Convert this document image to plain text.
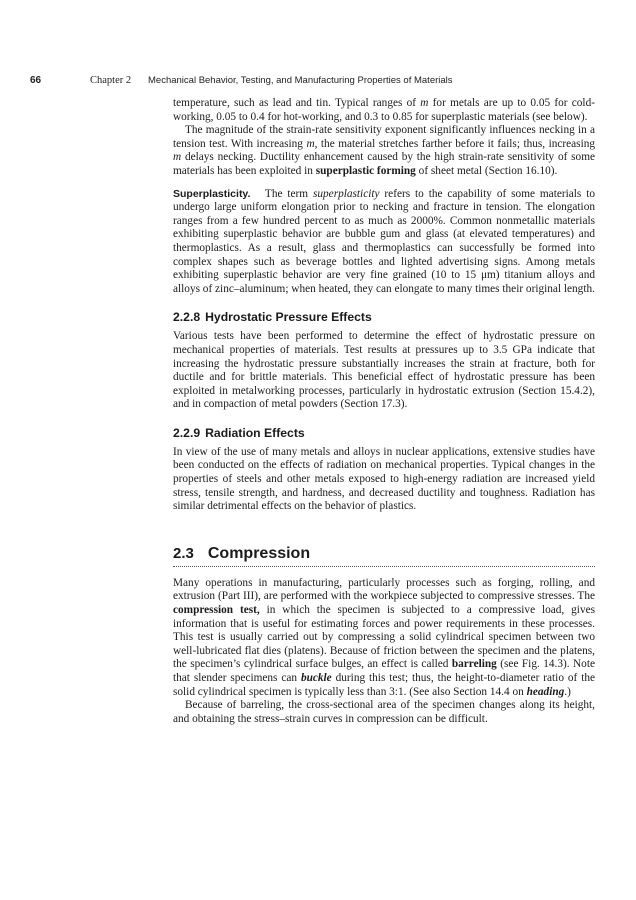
66	Chapter 2 Mechanical Behavior, Testing, and Manufacturing Properties of Materials

temperature, such as lead and tin. Typical ranges of m for metals are up to 0.05 for cold-working, 0.05 to 0.4 for hot-working, and 0.3 to 0.85 for superplastic materials (see below).

The magnitude of the strain-rate sensitivity exponent significantly influences necking in a tension test. With increasing m, the material stretches farther before it fails; thus, increasing m delays necking. Ductility enhancement caused by the high strain-rate sensitivity of some materials has been exploited in superplastic forming of sheet metal (Section 16.10).

Superplasticity. The term superplasticity refers to the capability of some materials to undergo large uniform elongation prior to necking and fracture in tension. The elongation ranges from a few hundred percent to as much as 2000%. Common nonmetallic materials exhibiting superplastic behavior are bubble gum and glass (at elevated temperatures) and thermoplastics. As a result, glass and thermoplastics can successfully be formed into complex shapes such as beverage bottles and lighted advertising signs. Among metals exhibiting superplastic behavior are very fine grained (10 to 15 μm) titanium alloys and alloys of zinc–aluminum; when heated, they can elongate to many times their original length.

2.2.8 Hydrostatic Pressure Effects

Various tests have been performed to determine the effect of hydrostatic pressure on mechanical properties of materials. Test results at pressures up to 3.5 GPa indicate that increasing the hydrostatic pressure substantially increases the strain at fracture, both for ductile and for brittle materials. This beneficial effect of hydrostatic pressure has been exploited in metalworking processes, particularly in hydrostatic extrusion (Section 15.4.2), and in compaction of metal powders (Section 17.3).

2.2.9 Radiation Effects

In view of the use of many metals and alloys in nuclear applications, extensive studies have been conducted on the effects of radiation on mechanical properties. Typical changes in the properties of steels and other metals exposed to high-energy radiation are increased yield stress, tensile strength, and hardness, and decreased ductility and toughness. Radiation has similar detrimental effects on the behavior of plastics.

2.3 Compression

Many operations in manufacturing, particularly processes such as forging, rolling, and extrusion (Part III), are performed with the workpiece subjected to compressive stresses. The compression test, in which the specimen is subjected to a compressive load, gives information that is useful for estimating forces and power requirements in these processes. This test is usually carried out by compressing a solid cylindrical specimen between two well-lubricated flat dies (platens). Because of friction between the specimen and the platens, the specimen’s cylindrical surface bulges, an effect is called barreling (see Fig. 14.3). Note that slender specimens can buckle during this test; thus, the height-to-diameter ratio of the solid cylindrical specimen is typically less than 3:1. (See also Section 14.4 on heading.)

Because of barreling, the cross-sectional area of the specimen changes along its height, and obtaining the stress–strain curves in compression can be difficult.
